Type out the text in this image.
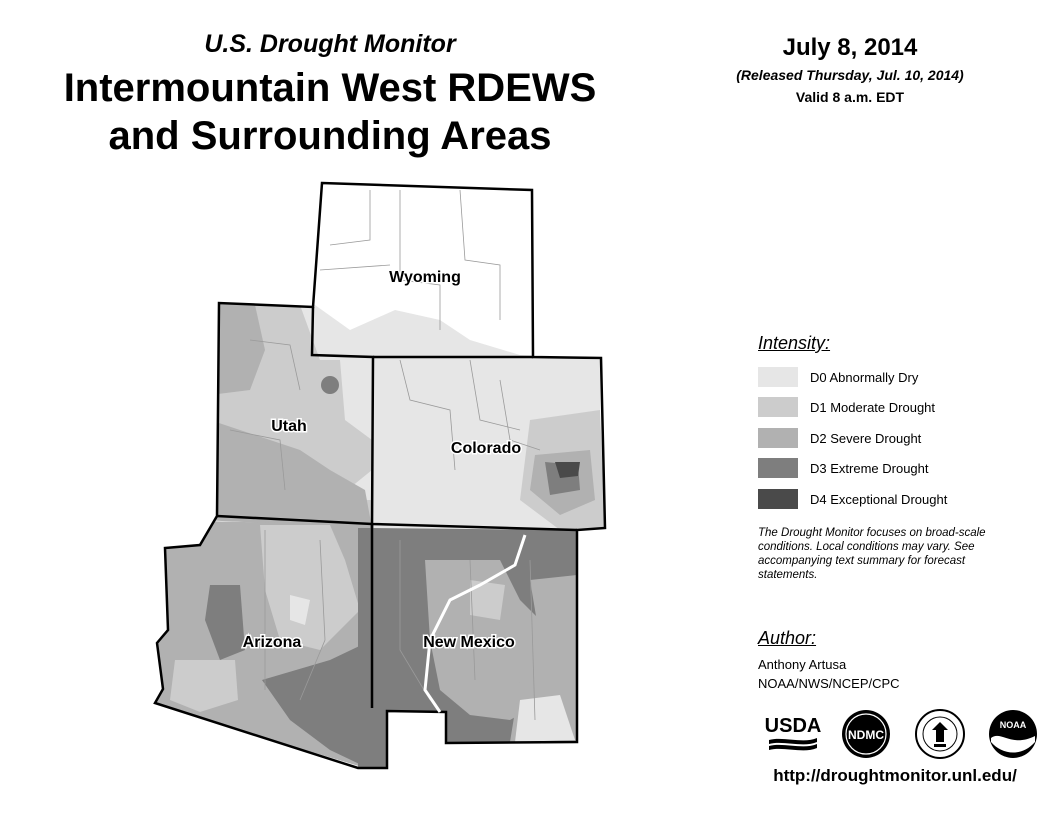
U.S. Drought Monitor
Intermountain West RDEWS
and Surrounding Areas
July 8, 2014
(Released Thursday, Jul. 10, 2014)
Valid 8 a.m. EDT
Wyoming
Utah
Colorado
Arizona	New Mexico
Intensity:
D0 Abnormally Dry
D1 Moderate Drought
D2 Severe Drought
D3 Extreme Drought
D4 Exceptional Drought
The Drought Monitor focuses on broad-scale conditions. Local conditions may vary. See accompanying text summary for forecast statements.
Author:
Anthony Artusa
NOAA/NWS/NCEP/CPC
USDA NDMC
NOAA
http://droughtmonitor.unl.edu/
